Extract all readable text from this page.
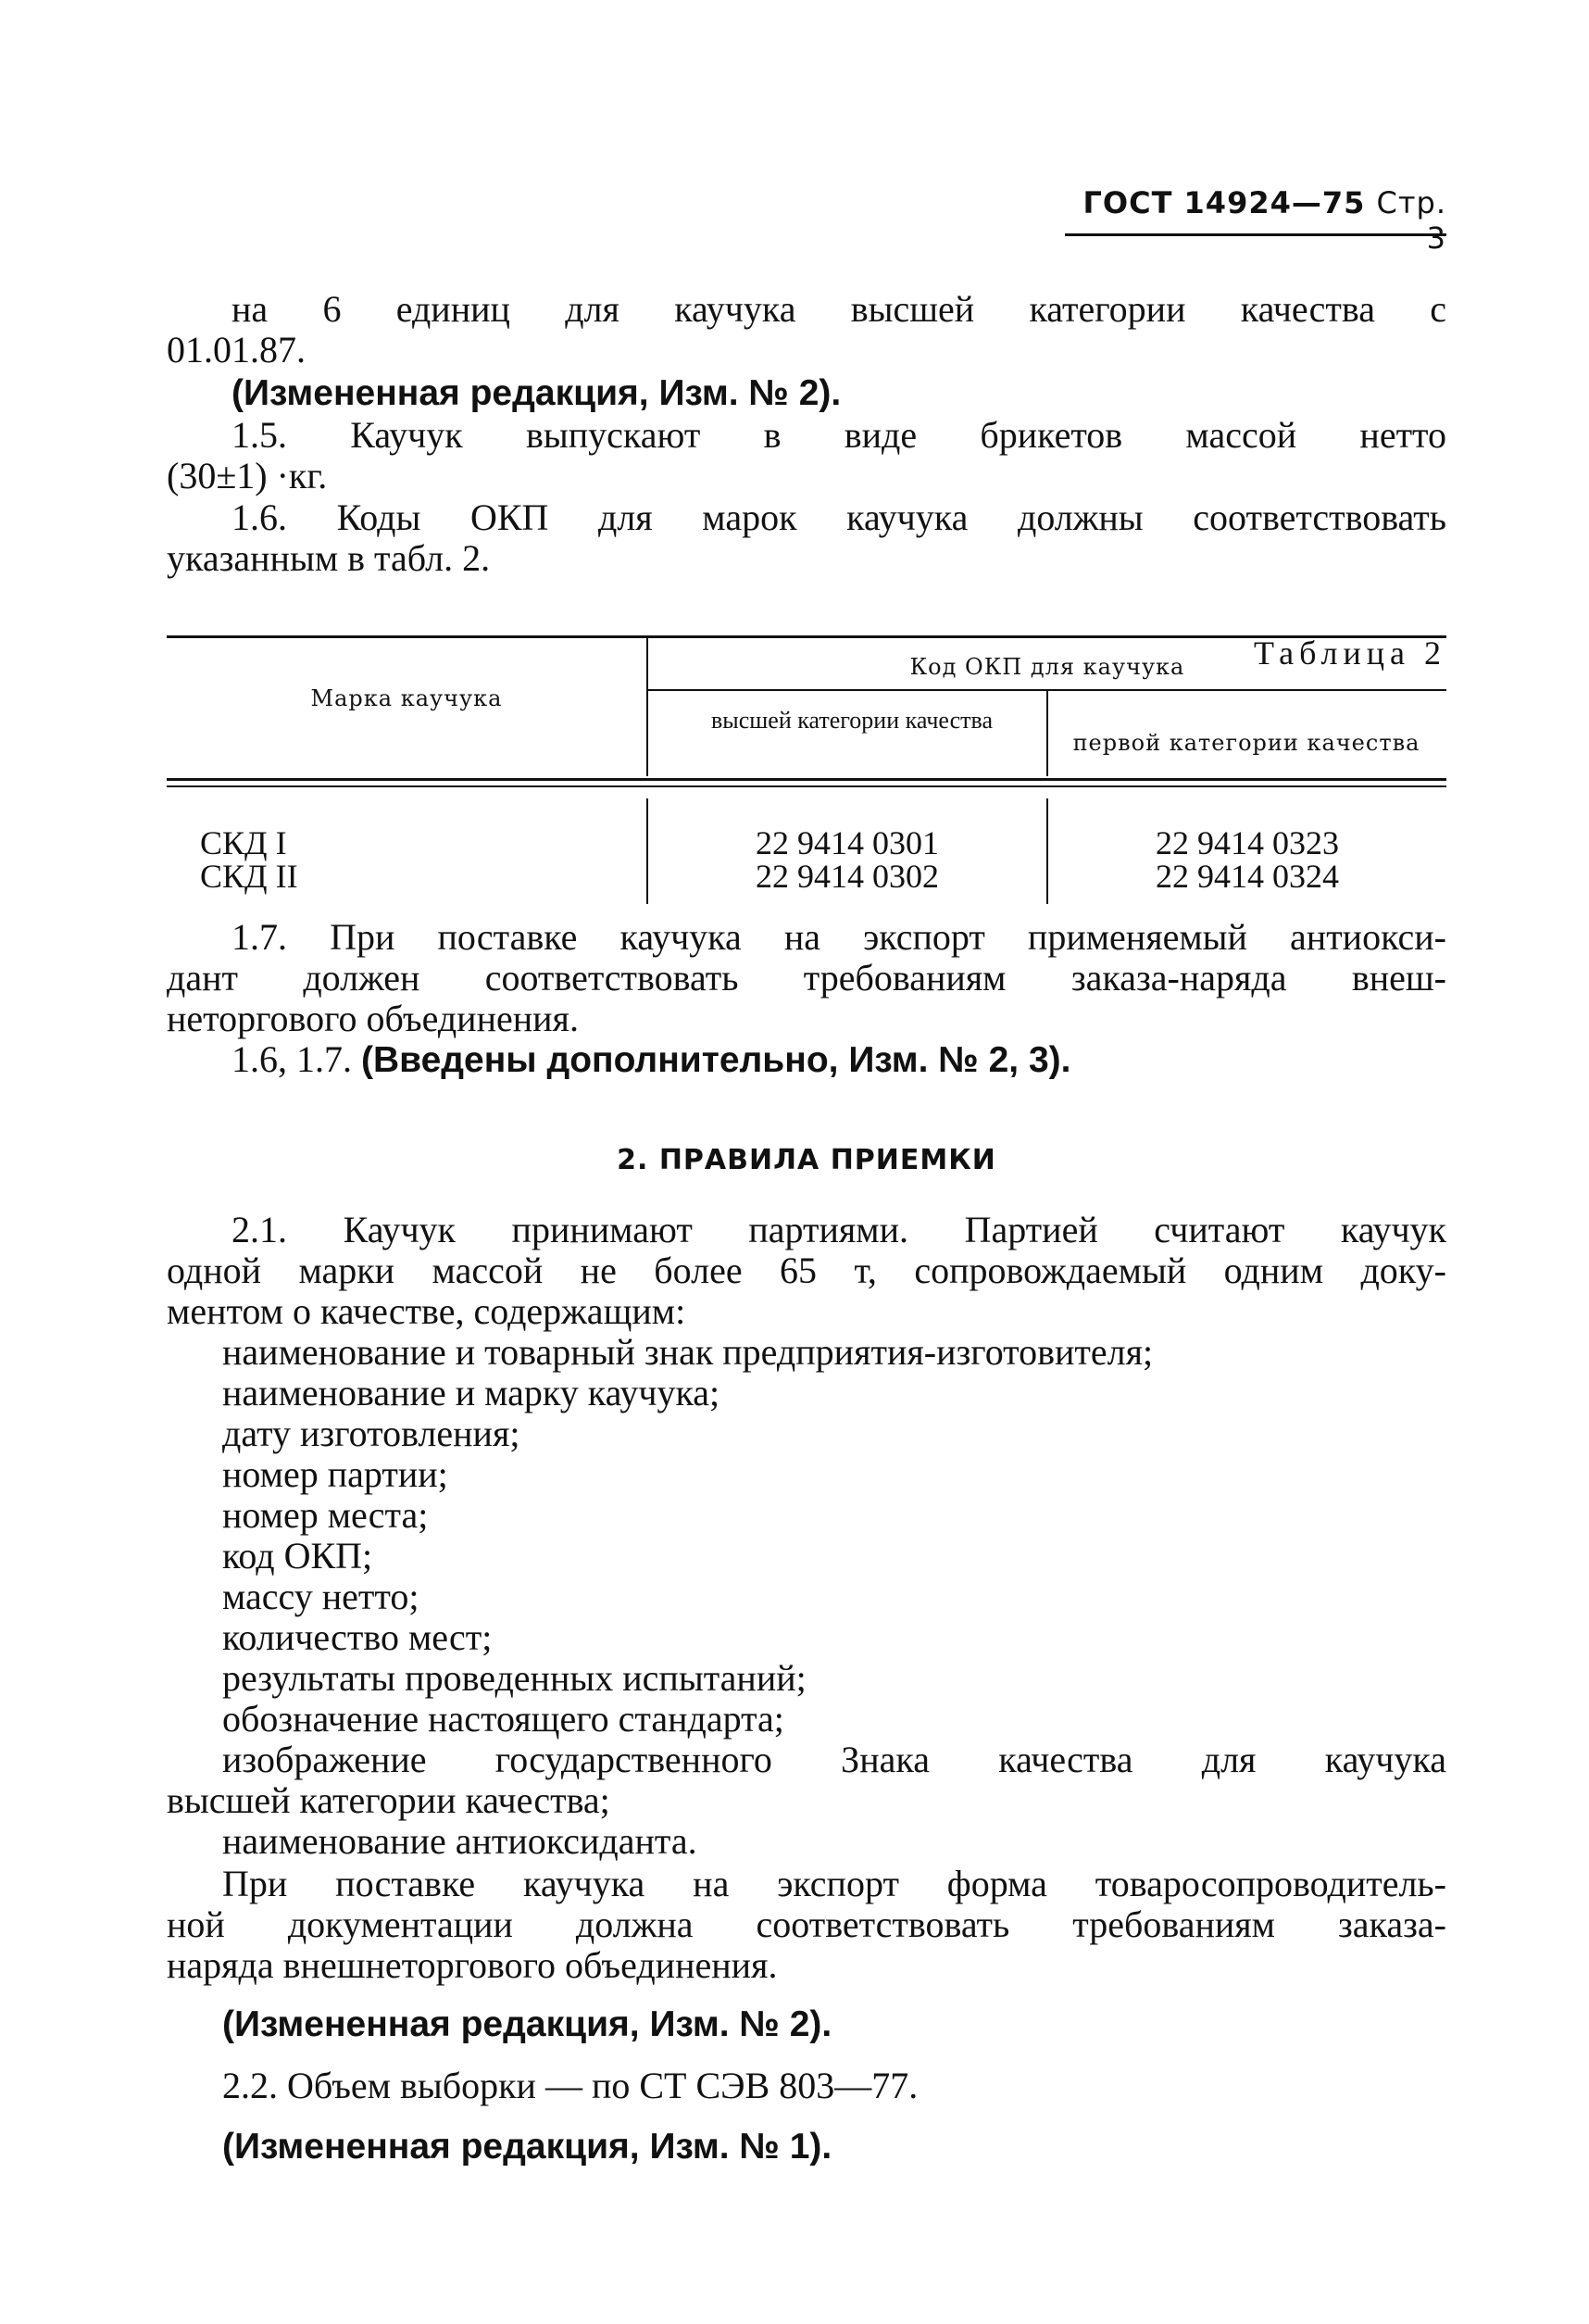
ГОСТ 14924—75 Стр. 3
на 6 единиц для каучука высшей категории качества с
01.01.87.
(Измененная редакция, Изм. № 2).
1.5. Каучук выпускают в виде брикетов массой нетто
(30±1) ·кг.
1.6. Коды ОКП для марок каучука должны соответствовать
указанным в табл. 2.
Таблица 2
Марка каучука
Код ОКП для каучука
высшей категории качества
первой категории качества
СКД I	22 9414 0301	22 9414 0323
СКД II	22 9414 0302	22 9414 0324
1.7. При поставке каучука на экспорт применяемый антиокси-
дант должен соответствовать требованиям заказа-наряда внеш-
неторгового объединения.
1.6, 1.7. (Введены дополнительно, Изм. № 2, 3).
2. ПРАВИЛА ПРИЕМКИ
2.1. Каучук принимают партиями. Партией считают каучук
одной марки массой не более 65 т, сопровождаемый одним доку-
ментом о качестве, содержащим:
наименование и товарный знак предприятия-изготовителя;
наименование и марку каучука;
дату изготовления;
номер партии;
номер места;
код ОКП;
массу нетто;
количество мест;
результаты проведенных испытаний;
обозначение настоящего стандарта;
изображение государственного Знака качества для каучука
высшей категории качества;
наименование антиоксиданта.
При поставке каучука на экспорт форма товаросопроводитель-
ной документации должна соответствовать требованиям заказа-
наряда внешнеторгового объединения.
(Измененная редакция, Изм. № 2).
2.2. Объем выборки — по СТ СЭВ 803—77.
(Измененная редакция, Изм. № 1).
